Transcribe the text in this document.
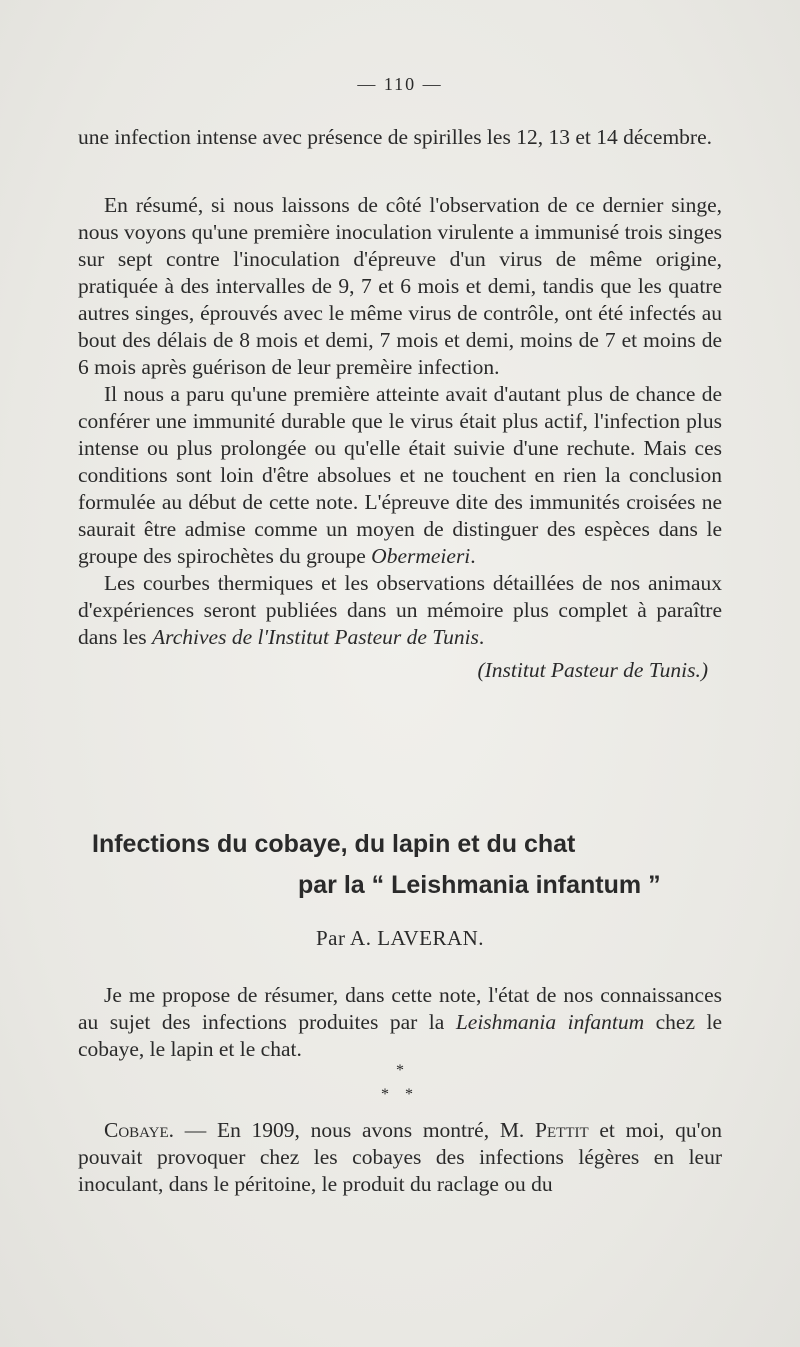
— 110 —

une infection intense avec présence de spirilles les 12, 13 et 14 décembre.

En résumé, si nous laissons de côté l'observation de ce dernier singe, nous voyons qu'une première inoculation virulente a immunisé trois singes sur sept contre l'inoculation d'épreuve d'un virus de même origine, pratiquée à des intervalles de 9, 7 et 6 mois et demi, tandis que les quatre autres singes, éprouvés avec le même virus de contrôle, ont été infectés au bout des délais de 8 mois et demi, 7 mois et demi, moins de 7 et moins de 6 mois après guérison de leur premèire infection.

Il nous a paru qu'une première atteinte avait d'autant plus de chance de conférer une immunité durable que le virus était plus actif, l'infection plus intense ou plus prolongée ou qu'elle était suivie d'une rechute. Mais ces conditions sont loin d'être absolues et ne touchent en rien la conclusion formulée au début de cette note. L'épreuve dite des immunités croisées ne saurait être admise comme un moyen de distinguer des espèces dans le groupe des spirochètes du groupe Obermeieri.

Les courbes thermiques et les observations détaillées de nos animaux d'expériences seront publiées dans un mémoire plus complet à paraître dans les Archives de l'Institut Pasteur de Tunis.

(Institut Pasteur de Tunis.)

Infections du cobaye, du lapin et du chat
par la “ Leishmania infantum ”
Par A. LAVERAN.

Je me propose de résumer, dans cette note, l'état de nos connaissances au sujet des infections produites par la Leishmania infantum chez le cobaye, le lapin et le chat.

*
* *

Cobaye. — En 1909, nous avons montré, M. Pettit et moi, qu'on pouvait provoquer chez les cobayes des infections légères en leur inoculant, dans le péritoine, le produit du raclage ou du
